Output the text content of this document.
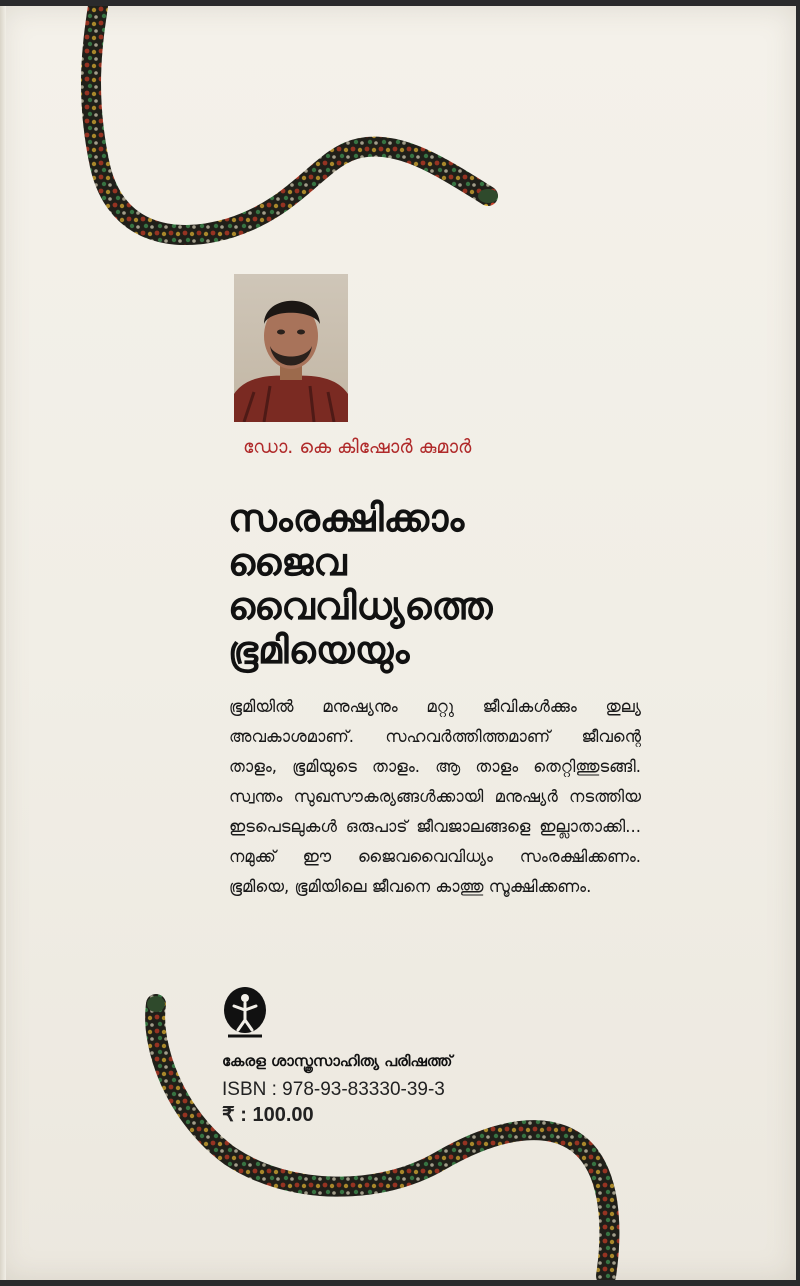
ഡോ. കെ കിഷോർ കുമാർ
സംരക്ഷിക്കാം
ജൈവ
വൈവിധ്യത്തെ
ഭൂമിയെയും
ഭൂമിയിൽ മനുഷ്യനും മറ്റു ജീവികൾക്കും തുല്യ അവകാശമാണ്. സഹവർത്തിത്തമാണ് ജീവന്റെ താളം, ഭൂമിയുടെ താളം. ആ താളം തെറ്റിത്തുടങ്ങി. സ്വന്തം സുഖസൗകര്യങ്ങൾക്കായി മനുഷ്യർ നടത്തിയ ഇടപെടലുകൾ ഒരുപാട് ജീവജാലങ്ങളെ ഇല്ലാതാക്കി... നമുക്ക് ഈ ജൈവവൈവിധ്യം സംരക്ഷിക്കണം. ഭൂമിയെ, ഭൂമിയിലെ ജീവനെ കാത്തു സൂക്ഷിക്കണം.
കേരള ശാസ്ത്രസാഹിത്യ പരിഷത്ത്
ISBN : 978-93-83330-39-3
₹ : 100.00
